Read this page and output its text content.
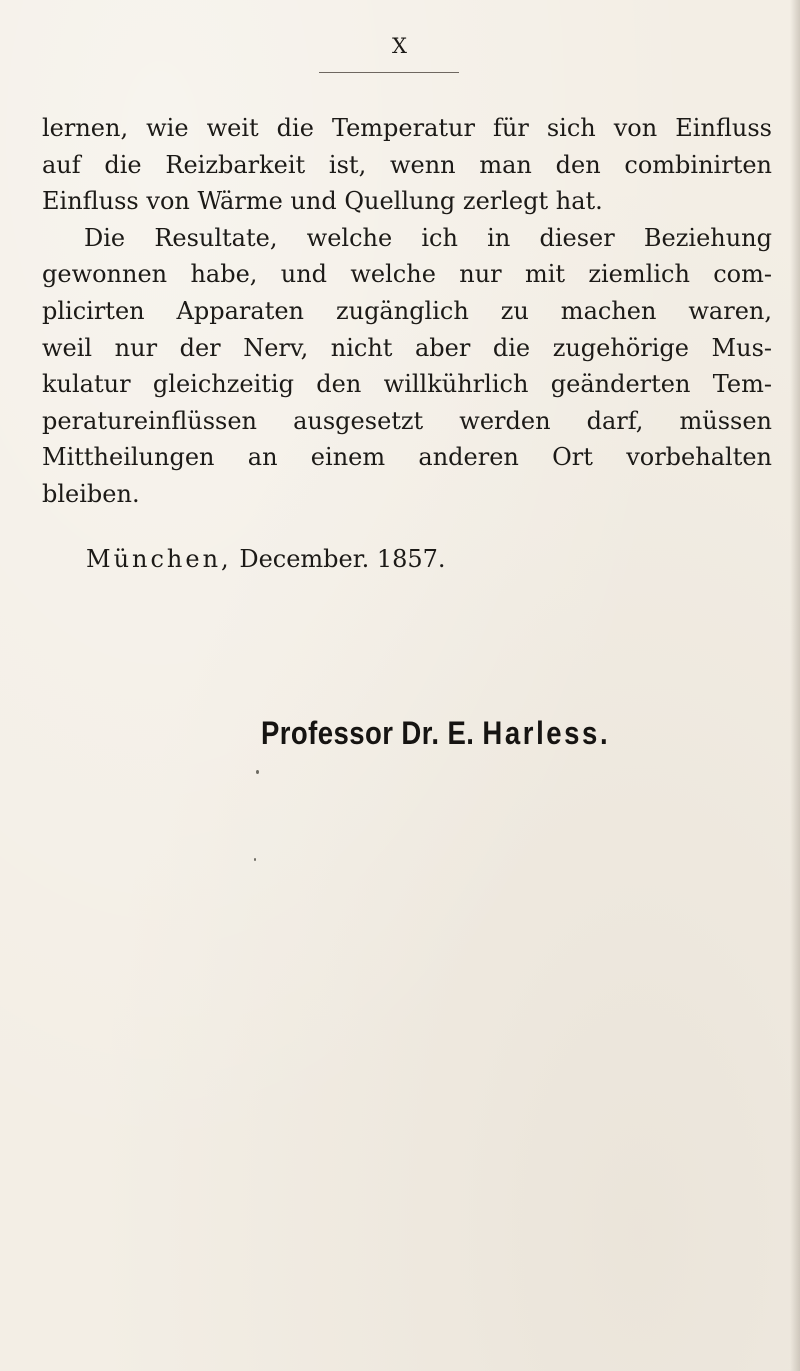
X

lernen, wie weit die Temperatur für sich von Einfluss
auf die Reizbarkeit ist, wenn man den combinirten
Einfluss von Wärme und Quellung zerlegt hat.

Die Resultate, welche ich in dieser Beziehung
gewonnen habe, und welche nur mit ziemlich com-
plicirten Apparaten zugänglich zu machen waren,
weil nur der Nerv, nicht aber die zugehörige Mus-
kulatur gleichzeitig den willkührlich geänderten Tem-
peratureinflüssen ausgesetzt werden darf, müssen
Mittheilungen an einem anderen Ort vorbehalten
bleiben.

München, December. 1857.
Professor Dr. E. Harless.
